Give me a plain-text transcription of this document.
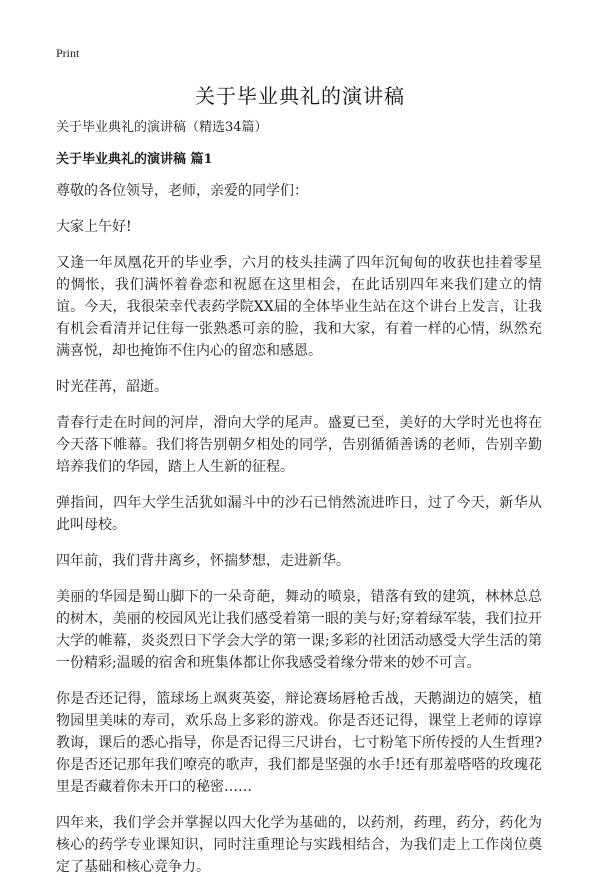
Print
关于毕业典礼的演讲稿

关于毕业典礼的演讲稿（精选34篇）

关于毕业典礼的演讲稿 篇1

尊敬的各位领导，老师，亲爱的同学们：

大家上午好!

又逢一年凤凰花开的毕业季，六月的枝头挂满了四年沉甸甸的收获也挂着零星的惆怅，我们满怀着眷恋和祝愿在这里相会，在此话别四年来我们建立的情谊。今天，我很荣幸代表药学院XX届的全体毕业生站在这个讲台上发言，让我有机会看清并记住每一张熟悉可亲的脸，我和大家，有着一样的心情，纵然充满喜悦，却也掩饰不住内心的留恋和感恩。

时光荏苒，韶逝。

青春行走在时间的河岸，滑向大学的尾声。盛夏已至，美好的大学时光也将在今天落下帷幕。我们将告别朝夕相处的同学，告别循循善诱的老师，告别辛勤培养我们的华园，踏上人生新的征程。

弹指间，四年大学生活犹如漏斗中的沙石已悄然流进昨日，过了今天，新华从此叫母校。

四年前，我们背井离乡，怀揣梦想，走进新华。

美丽的华园是蜀山脚下的一朵奇葩，舞动的喷泉，错落有致的建筑，林林总总的树木，美丽的校园风光让我们感受着第一眼的美与好;穿着绿军装，我们拉开大学的帷幕，炎炎烈日下学会大学的第一课;多彩的社团活动感受大学生活的第一份精彩;温暖的宿舍和班集体都让你我感受着缘分带来的妙不可言。

你是否还记得，篮球场上飒爽英姿，辩论赛场唇枪舌战，天鹅湖边的嬉笑，植物园里美味的寿司，欢乐岛上多彩的游戏。你是否还记得，课堂上老师的谆谆教诲，课后的悉心指导，你是否记得三尺讲台，七寸粉笔下所传授的人生哲理?你是否还记那年我们嘹亮的歌声，我们都是坚强的水手!还有那羞嗒嗒的玫瑰花里是否藏着你未开口的秘密……

四年来，我们学会并掌握以四大化学为基础的，以药剂，药理，药分，药化为核心的药学专业课知识，同时注重理论与实践相结合，为我们走上工作岗位奠定了基础和核心竞争力。
